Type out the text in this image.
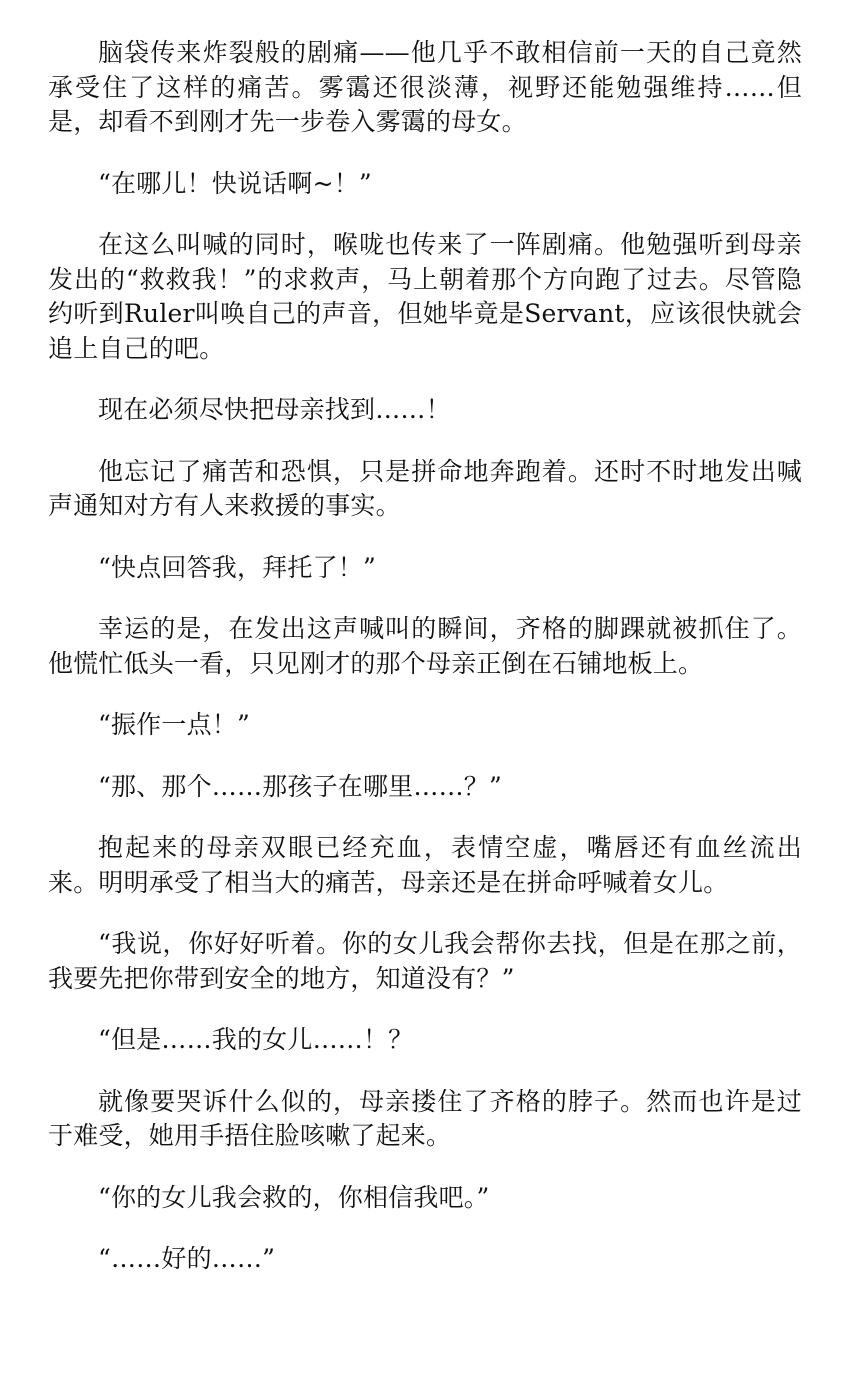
脑袋传来炸裂般的剧痛——他几乎不敢相信前一天的自己竟然承受住了这样的痛苦。雾霭还很淡薄，视野还能勉强维持……但是，却看不到刚才先一步卷入雾霭的母女。

“在哪儿！快说话啊~！”

在这么叫喊的同时，喉咙也传来了一阵剧痛。他勉强听到母亲发出的“救救我！”的求救声，马上朝着那个方向跑了过去。尽管隐约听到Ruler叫唤自己的声音，但她毕竟是Servant，应该很快就会追上自己的吧。

现在必须尽快把母亲找到……！

他忘记了痛苦和恐惧，只是拼命地奔跑着。还时不时地发出喊声通知对方有人来救援的事实。

“快点回答我，拜托了！”

幸运的是，在发出这声喊叫的瞬间，齐格的脚踝就被抓住了。他慌忙低头一看，只见刚才的那个母亲正倒在石铺地板上。

“振作一点！”

“那、那个……那孩子在哪里……？”

抱起来的母亲双眼已经充血，表情空虚，嘴唇还有血丝流出来。明明承受了相当大的痛苦，母亲还是在拼命呼喊着女儿。

“我说，你好好听着。你的女儿我会帮你去找，但是在那之前，我要先把你带到安全的地方，知道没有？”

“但是……我的女儿……！？

就像要哭诉什么似的，母亲搂住了齐格的脖子。然而也许是过于难受，她用手捂住脸咳嗽了起来。

“你的女儿我会救的，你相信我吧。”

“……好的……”
